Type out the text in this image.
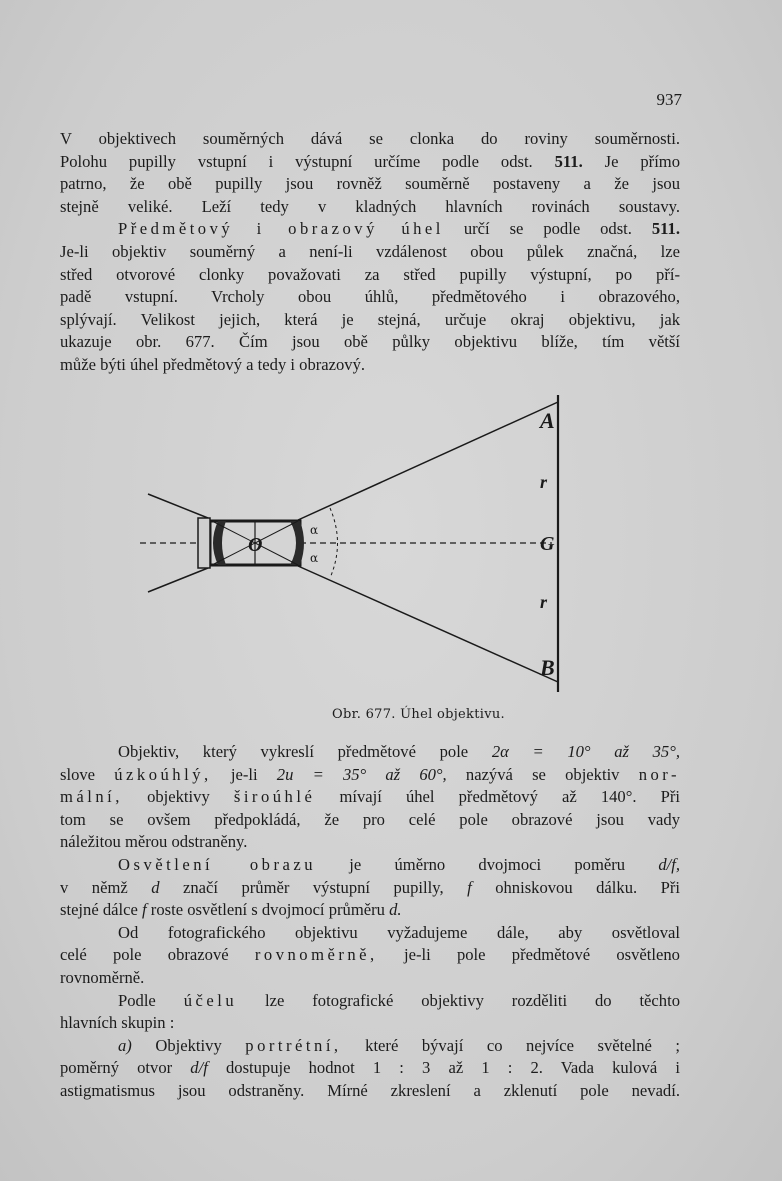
937
V objektivech souměrných dává se clonka do roviny souměrnosti.
Polohu pupilly vstupní i výstupní určíme podle odst. 511. Je přímo
patrno, že obě pupilly jsou rovněž souměrně postaveny a že jsou
stejně veliké. Leží tedy v kladných hlavních rovinách soustavy.
Předmětový i obrazový úhel určí se podle odst. 511.
Je-li objektiv souměrný a není-li vzdálenost obou půlek značná, lze
střed otvorové clonky považovati za střed pupilly výstupní, po pří-
padě vstupní. Vrcholy obou úhlů, předmětového i obrazového,
splývají. Velikost jejich, která je stejná, určuje okraj objektivu, jak
ukazuje obr. 677. Čím jsou obě půlky objektivu blíže, tím větší
může býti úhel předmětový a tedy i obrazový.
A
r
G
r
B
O
α
α
Obr. 677. Úhel objektivu.
Objektiv, který vykreslí předmětové pole 2α = 10° až 35°,
slove úzkoúhlý, je-li 2u = 35° až 60°, nazývá se objektiv nor-
mální, objektivy široúhlé mívají úhel předmětový až 140°. Při
tom se ovšem předpokládá, že pro celé pole obrazové jsou vady
náležitou měrou odstraněny.
Osvětlení obrazu je úměrno dvojmoci poměru d/f,
v němž d značí průměr výstupní pupilly, f ohniskovou dálku. Při
stejné dálce f roste osvětlení s dvojmocí průměru d.
Od fotografického objektivu vyžadujeme dále, aby osvětloval
celé pole obrazové rovnoměrně, je-li pole předmětové osvětleno
rovnoměrně.
Podle účelu lze fotografické objektivy rozděliti do těchto
hlavních skupin :
a) Objektivy portrétní, které bývají co nejvíce světelné ;
poměrný otvor d/f dostupuje hodnot 1 : 3 až 1 : 2. Vada kulová i
astigmatismus jsou odstraněny. Mírné zkreslení a zklenutí pole nevadí.
